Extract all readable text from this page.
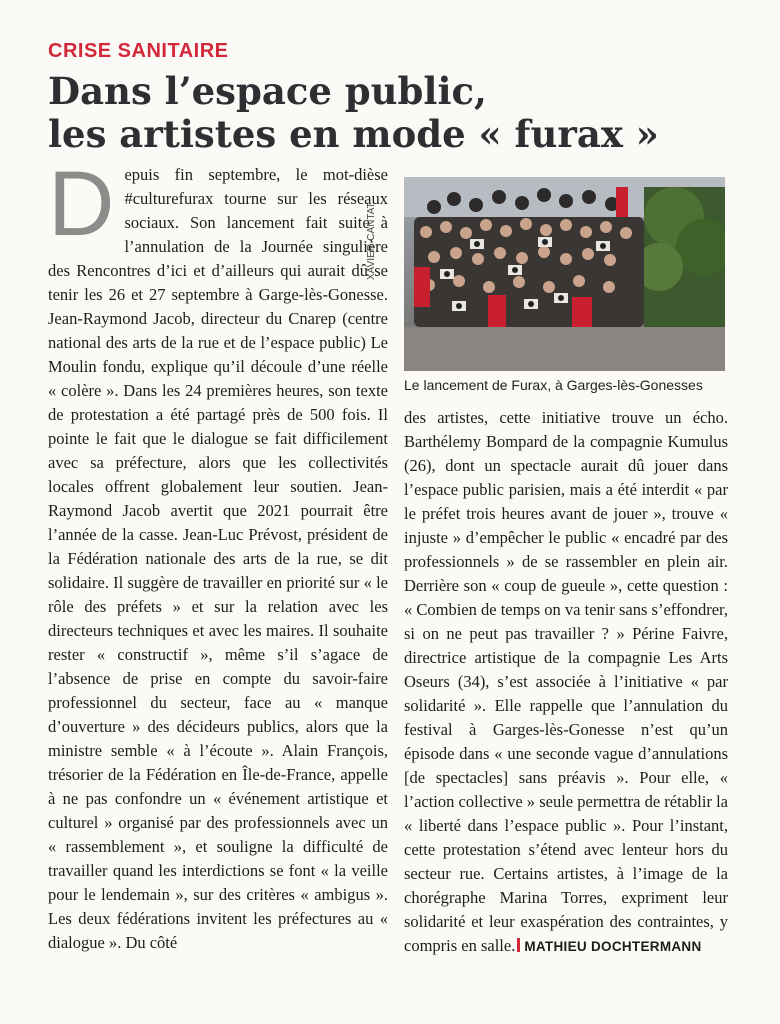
CRISE SANITAIRE
Dans l’espace public,
les artistes en mode « furax »
D epuis fin septembre, le mot-dièse #culturefurax tourne sur les réseaux sociaux. Son lancement fait suite à l’annulation de la Journée singulière des Rencontres d’ici et d’ailleurs qui aurait dû se tenir les 26 et 27 septembre à Garge-lès-Gonesse. Jean-Raymond Jacob, directeur du Cnarep (centre national des arts de la rue et de l’espace public) Le Moulin fondu, explique qu’il découle d’une réelle « colère ». Dans les 24 premières heures, son texte de protestation a été partagé près de 500 fois. Il pointe le fait que le dialogue se fait difficilement avec sa préfecture, alors que les collectivités locales offrent globalement leur soutien. Jean-Raymond Jacob avertit que 2021 pourrait être l’année de la casse. Jean-Luc Prévost, président de la Fédération nationale des arts de la rue, se dit solidaire. Il suggère de travailler en priorité sur « le rôle des préfets » et sur la relation avec les directeurs techniques et avec les maires. Il souhaite rester « constructif », même s’il s’agace de l’absence de prise en compte du savoir-faire professionnel du secteur, face au « manque d’ouverture » des décideurs publics, alors que la ministre semble « à l’écoute ». Alain François, trésorier de la Fédération en Île-de-France, appelle à ne pas confondre un « événement artistique et culturel » organisé par des professionnels avec un « rassemblement », et souligne la difficulté de travailler quand les interdictions se font « la veille pour le lendemain », sur des critères « ambigus ». Les deux fédérations invitent les préfectures au « dialogue ». Du côté

XAVIER-CANTAT
Le lancement de Furax, à Garges-lès-Gonesses

des artistes, cette initiative trouve un écho. Barthélemy Bompard de la compagnie Kumulus (26), dont un spectacle aurait dû jouer dans l’espace public parisien, mais a été interdit « par le préfet trois heures avant de jouer », trouve « injuste » d’empêcher le public « encadré par des professionnels » de se rassembler en plein air. Derrière son « coup de gueule », cette question : « Combien de temps on va tenir sans s’effondrer, si on ne peut pas travailler ? » Périne Faivre, directrice artistique de la compagnie Les Arts Oseurs (34), s’est associée à l’initiative « par solidarité ». Elle rappelle que l’annulation du festival à Garges-lès-Gonesse n’est qu’un épisode dans « une seconde vague d’annulations [de spectacles] sans préavis ». Pour elle, « l’action collective » seule permettra de rétablir la « liberté dans l’espace public ». Pour l’instant, cette protestation s’étend avec lenteur hors du secteur rue. Certains artistes, à l’image de la chorégraphe Marina Torres, expriment leur solidarité et leur exaspération des contraintes, y compris en salle. MATHIEU DOCHTERMANN
